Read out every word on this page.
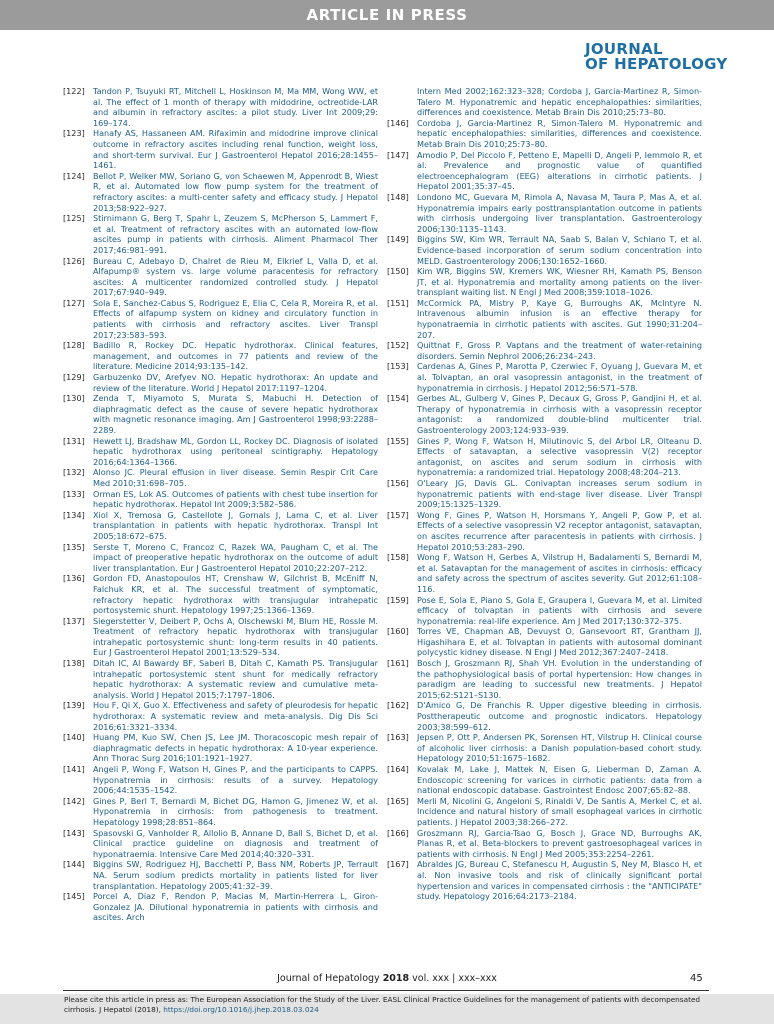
ARTICLE IN PRESS
JOURNAL
OF HEPATOLOGY
[122]	Tandon P, Tsuyuki RT, Mitchell L, Hoskinson M, Ma MM, Wong WW, et al. The effect of 1 month of therapy with midodrine, octreotide-LAR and albumin in refractory ascites: a pilot study. Liver Int 2009;29: 169–174.
[123]	Hanafy AS, Hassaneen AM. Rifaximin and midodrine improve clinical outcome in refractory ascites including renal function, weight loss, and short-term survival. Eur J Gastroenterol Hepatol 2016;28:1455–1461.
[124]	Bellot P, Welker MW, Soriano G, von Schaewen M, Appenrodt B, Wiest R, et al. Automated low flow pump system for the treatment of refractory ascites: a multi-center safety and efficacy study. J Hepatol 2013;58:922–927.
[125]	Stirnimann G, Berg T, Spahr L, Zeuzem S, McPherson S, Lammert F, et al. Treatment of refractory ascites with an automated low-flow ascites pump in patients with cirrhosis. Aliment Pharmacol Ther 2017;46:981–991.
[126]	Bureau C, Adebayo D, Chalret de Rieu M, Elkrief L, Valla D, et al. Alfapump® system vs. large volume paracentesis for refractory ascites: A multicenter randomized controlled study. J Hepatol 2017;67:940–949.
[127]	Sola E, Sanchez-Cabus S, Rodriguez E, Elia C, Cela R, Moreira R, et al. Effects of alfapump system on kidney and circulatory function in patients with cirrhosis and refractory ascites. Liver Transpl 2017;23:583–593.
[128]	Badillo R, Rockey DC. Hepatic hydrothorax. Clinical features, management, and outcomes in 77 patients and review of the literature. Medicine 2014;93:135–142.
[129]	Garbuzenko DV, Arefyev NO. Hepatic hydrothorax: An update and review of the literature. World J Hepatol 2017:1197–1204.
[130]	Zenda T, Miyamoto S, Murata S, Mabuchi H. Detection of diaphragmatic defect as the cause of severe hepatic hydrothorax with magnetic resonance imaging. Am J Gastroenterol 1998;93:2288–2289.
[131]	Hewett LJ, Bradshaw ML, Gordon LL, Rockey DC. Diagnosis of isolated hepatic hydrothorax using peritoneal scintigraphy. Hepatology 2016;64:1364–1366.
[132]	Alonso JC. Pleural effusion in liver disease. Semin Respir Crit Care Med 2010;31:698–705.
[133]	Orman ES, Lok AS. Outcomes of patients with chest tube insertion for hepatic hydrothorax. Hepatol Int 2009;3:582–586.
[134]	Xiol X, Tremosa G, Castellote J, Gornals J, Lama C, et al. Liver transplantation in patients with hepatic hydrothorax. Transpl Int 2005;18:672–675.
[135]	Serste T, Moreno C, Francoz C, Razek WA, Paugham C, et al. The impact of preoperative hepatic hydrothorax on the outcome of adult liver transplantation. Eur J Gastroenterol Hepatol 2010;22:207–212.
[136]	Gordon FD, Anastopoulos HT, Crenshaw W, Gilchrist B, McEniff N, Falchuk KR, et al. The successful treatment of symptomatic, refractory hepatic hydrothorax with transjugular intrahepatic portosystemic shunt. Hepatology 1997;25:1366–1369.
[137]	Siegerstetter V, Deibert P, Ochs A, Olschewski M, Blum HE, Rossle M. Treatment of refractory hepatic hydrothorax with transjugular intrahepatic portosystemic shunt: long-term results in 40 patients. Eur J Gastroenterol Hepatol 2001;13:529–534.
[138]	Ditah IC, Al Bawardy BF, Saberi B, Ditah C, Kamath PS. Transjugular intrahepatic portosystemic stent shunt for medically refractory hepatic hydrothorax: A systematic review and cumulative meta-analysis. World J Hepatol 2015;7:1797–1806.
[139]	Hou F, Qi X, Guo X. Effectiveness and safety of pleurodesis for hepatic hydrothorax: A systematic review and meta-analysis. Dig Dis Sci 2016;61:3321–3334.
[140]	Huang PM, Kuo SW, Chen JS, Lee JM. Thoracoscopic mesh repair of diaphragmatic defects in hepatic hydrothorax: A 10-year experience. Ann Thorac Surg 2016;101:1921–1927.
[141]	Angeli P, Wong F, Watson H, Gines P, and the participants to CAPPS. Hyponatremia in cirrhosis: results of a survey. Hepatology 2006;44:1535–1542.
[142]	Gines P, Berl T, Bernardi M, Bichet DG, Hamon G, Jimenez W, et al. Hyponatremia in cirrhosis: from pathogenesis to treatment. Hepatology 1998;28:851–864.
[143]	Spasovski G, Vanholder R, Allolio B, Annane D, Ball S, Bichet D, et al. Clinical practice guideline on diagnosis and treatment of hyponatraemia. Intensive Care Med 2014;40:320–331.
[144]	Biggins SW, Rodriguez HJ, Bacchetti P, Bass NM, Roberts JP, Terrault NA. Serum sodium predicts mortality in patients listed for liver transplantation. Hepatology 2005;41:32–39.
[145]	Porcel A, Diaz F, Rendon P, Macias M, Martin-Herrera L, Giron-Gonzalez JA. Dilutional hyponatremia in patients with cirrhosis and ascites. Arch
Intern Med 2002;162:323–328; Cordoba J, Garcia-Martinez R, Simon-Talero M. Hyponatremic and hepatic encephalopathies: similarities, differences and coexistence. Metab Brain Dis 2010;25:73–80.
[146]	Cordoba J, Garcia-Martinez R, Simon-Talero M. Hyponatremic and hepatic encephalopathies: similarities, differences and coexistence. Metab Brain Dis 2010;25:73–80.
[147]	Amodio P, Del Piccolo F, Petteno E, Mapelli D, Angeli P, Iemmolo R, et al. Prevalence and prognostic value of quantified electroencephalogram (EEG) alterations in cirrhotic patients. J Hepatol 2001;35:37–45.
[148]	Londono MC, Guevara M, Rimola A, Navasa M, Taura P, Mas A, et al. Hyponatremia impairs early posttransplantation outcome in patients with cirrhosis undergoing liver transplantation. Gastroenterology 2006;130:1135–1143.
[149]	Biggins SW, Kim WR, Terrault NA, Saab S, Balan V, Schiano T, et al. Evidence-based incorporation of serum sodium concentration into MELD. Gastroenterology 2006;130:1652–1660.
[150]	Kim WR, Biggins SW, Kremers WK, Wiesner RH, Kamath PS, Benson JT, et al. Hyponatremia and mortality among patients on the liver-transplant waiting list. N Engl J Med 2008;359:1018–1026.
[151]	McCormick PA, Mistry P, Kaye G, Burroughs AK, McIntyre N. Intravenous albumin infusion is an effective therapy for hyponatraemia in cirrhotic patients with ascites. Gut 1990;31:204–207.
[152]	Quittnat F, Gross P. Vaptans and the treatment of water-retaining disorders. Semin Nephrol 2006;26:234–243.
[153]	Cardenas A, Gines P, Marotta P, Czerwiec F, Oyuang J, Guevara M, et al. Tolvaptan, an oral vasopressin antagonist, in the treatment of hyponatremia in cirrhosis. J Hepatol 2012;56:571–578.
[154]	Gerbes AL, Gulberg V, Gines P, Decaux G, Gross P, Gandjini H, et al. Therapy of hyponatremia in cirrhosis with a vasopressin receptor antagonist: a randomized double-blind multicenter trial. Gastroenterology 2003;124:933–939.
[155]	Gines P, Wong F, Watson H, Milutinovic S, del Arbol LR, Olteanu D. Effects of satavaptan, a selective vasopressin V(2) receptor antagonist, on ascites and serum sodium in cirrhosis with hyponatremia: a randomized trial. Hepatology 2008;48:204–213.
[156]	O'Leary JG, Davis GL. Conivaptan increases serum sodium in hyponatremic patients with end-stage liver disease. Liver Transpl 2009;15:1325–1329.
[157]	Wong F, Gines P, Watson H, Horsmans Y, Angeli P, Gow P, et al. Effects of a selective vasopressin V2 receptor antagonist, satavaptan, on ascites recurrence after paracentesis in patients with cirrhosis. J Hepatol 2010;53:283–290.
[158]	Wong F, Watson H, Gerbes A, Vilstrup H, Badalamenti S, Bernardi M, et al. Satavaptan for the management of ascites in cirrhosis: efficacy and safety across the spectrum of ascites severity. Gut 2012;61:108–116.
[159]	Pose E, Sola E, Piano S, Gola E, Graupera I, Guevara M, et al. Limited efficacy of tolvaptan in patients with cirrhosis and severe hyponatremia: real-life experience. Am J Med 2017;130:372–375.
[160]	Torres VE, Chapman AB, Devuyst O, Gansevoort RT, Grantham JJ, Higashihara E, et al. Tolvaptan in patients with autosomal dominant polycystic kidney disease. N Engl J Med 2012;367:2407–2418.
[161]	Bosch J, Groszmann RJ, Shah VH. Evolution in the understanding of the pathophysiological basis of portal hypertension: How changes in paradigm are leading to successful new treatments. J Hepatol 2015;62:S121–S130.
[162]	D'Amico G, De Franchis R. Upper digestive bleeding in cirrhosis. Posttherapeutic outcome and prognostic indicators. Hepatology 2003;38:599–612.
[163]	Jepsen P, Ott P, Andersen PK, Sorensen HT, Vilstrup H. Clinical course of alcoholic liver cirrhosis: a Danish population-based cohort study. Hepatology 2010;51:1675–1682.
[164]	Kovalak M, Lake J, Mattek N, Eisen G, Lieberman D, Zaman A. Endoscopic screening for varices in cirrhotic patients: data from a national endoscopic database. Gastrointest Endosc 2007;65:82–88.
[165]	Merli M, Nicolini G, Angeloni S, Rinaldi V, De Santis A, Merkel C, et al. Incidence and natural history of small esophageal varices in cirrhotic patients. J Hepatol 2003;38:266–272.
[166]	Groszmann RJ, Garcia-Tsao G, Bosch J, Grace ND, Burroughs AK, Planas R, et al. Beta-blockers to prevent gastroesophageal varices in patients with cirrhosis. N Engl J Med 2005;353:2254–2261.
[167]	Abraldes JG, Bureau C, Stefanescu H, Augustin S, Ney M, Blasco H, et al. Non invasive tools and risk of clinically significant portal hypertension and varices in compensated cirrhosis : the "ANTICIPATE" study. Hepatology 2016;64:2173–2184.
Journal of Hepatology 2018 vol. xxx | xxx–xxx	45
Please cite this article in press as: The European Association for the Study of the Liver. EASL Clinical Practice Guidelines for the management of patients with decompensated cirrhosis. J Hepatol (2018), https://doi.org/10.1016/j.jhep.2018.03.024
